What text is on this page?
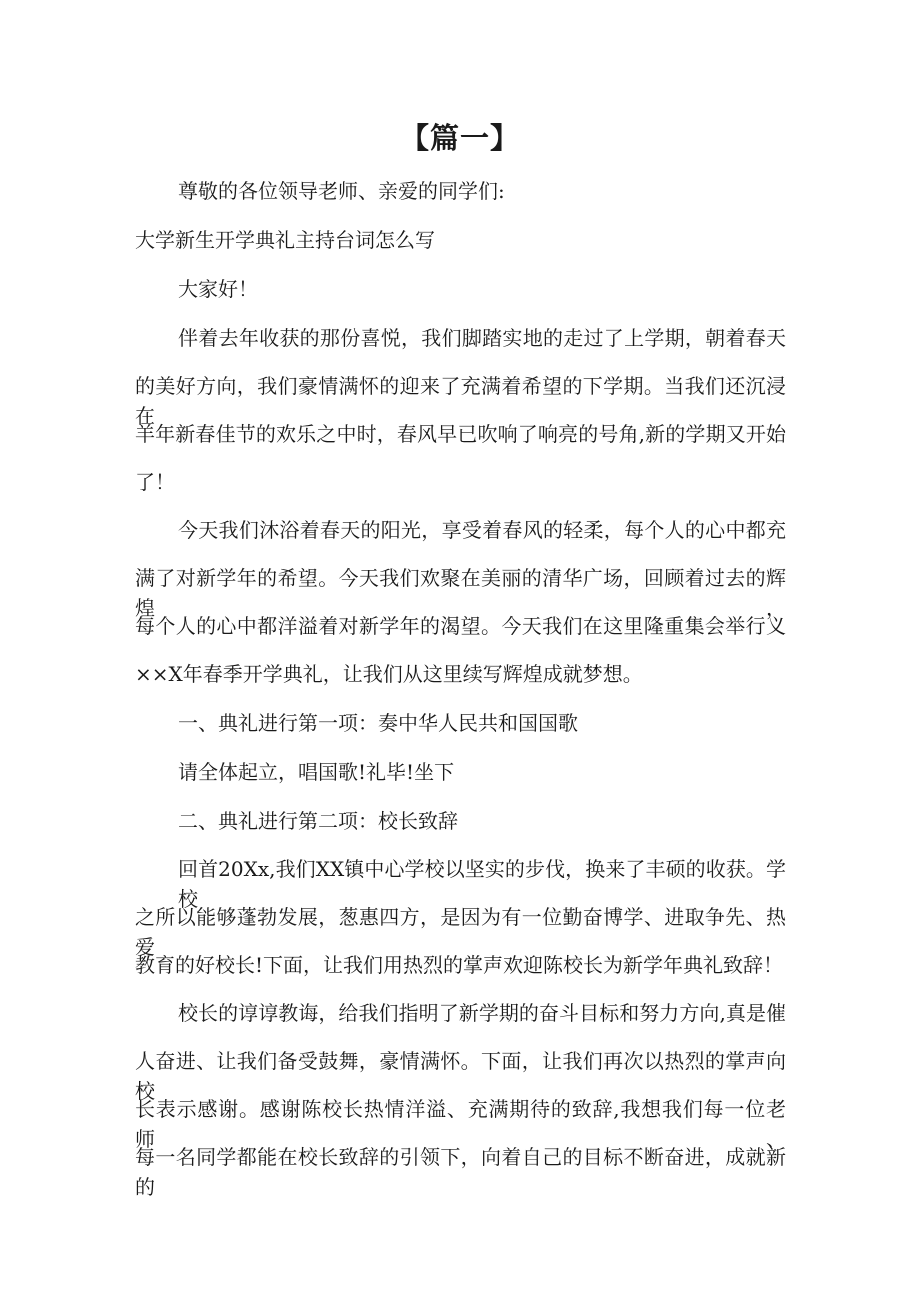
【篇一】
尊敬的各位领导老师、亲爱的同学们:
大学新生开学典礼主持台词怎么写
大家好！
伴着去年收获的那份喜悦，我们脚踏实地的走过了上学期，朝着春天
的美好方向，我们豪情满怀的迎来了充满着希望的下学期。当我们还沉浸在
羊年新春佳节的欢乐之中时，春风早已吹响了响亮的号角,新的学期又开始
了！
今天我们沐浴着春天的阳光，享受着春风的轻柔，每个人的心中都充
满了对新学年的希望。今天我们欢聚在美丽的清华广场，回顾着过去的辉煌，
每个人的心中都洋溢着对新学年的渴望。今天我们在这里隆重集会举行义
××X年春季开学典礼，让我们从这里续写辉煌成就梦想。
一、典礼进行第一项：奏中华人民共和国国歌
请全体起立，唱国歌!礼毕!坐下
二、典礼进行第二项：校长致辞
回首20Xx,我们XX镇中心学校以坚实的步伐，换来了丰硕的收获。学校
之所以能够蓬勃发展，葱惠四方，是因为有一位勤奋博学、进取争先、热爱
教育的好校长!下面，让我们用热烈的掌声欢迎陈校长为新学年典礼致辞！
校长的谆谆教诲，给我们指明了新学期的奋斗目标和努力方向,真是催
人奋进、让我们备受鼓舞，豪情满怀。下面，让我们再次以热烈的掌声向校
长表示感谢。感谢陈校长热情洋溢、充满期待的致辞,我想我们每一位老师、
每一名同学都能在校长致辞的引领下，向着自己的目标不断奋进，成就新的
